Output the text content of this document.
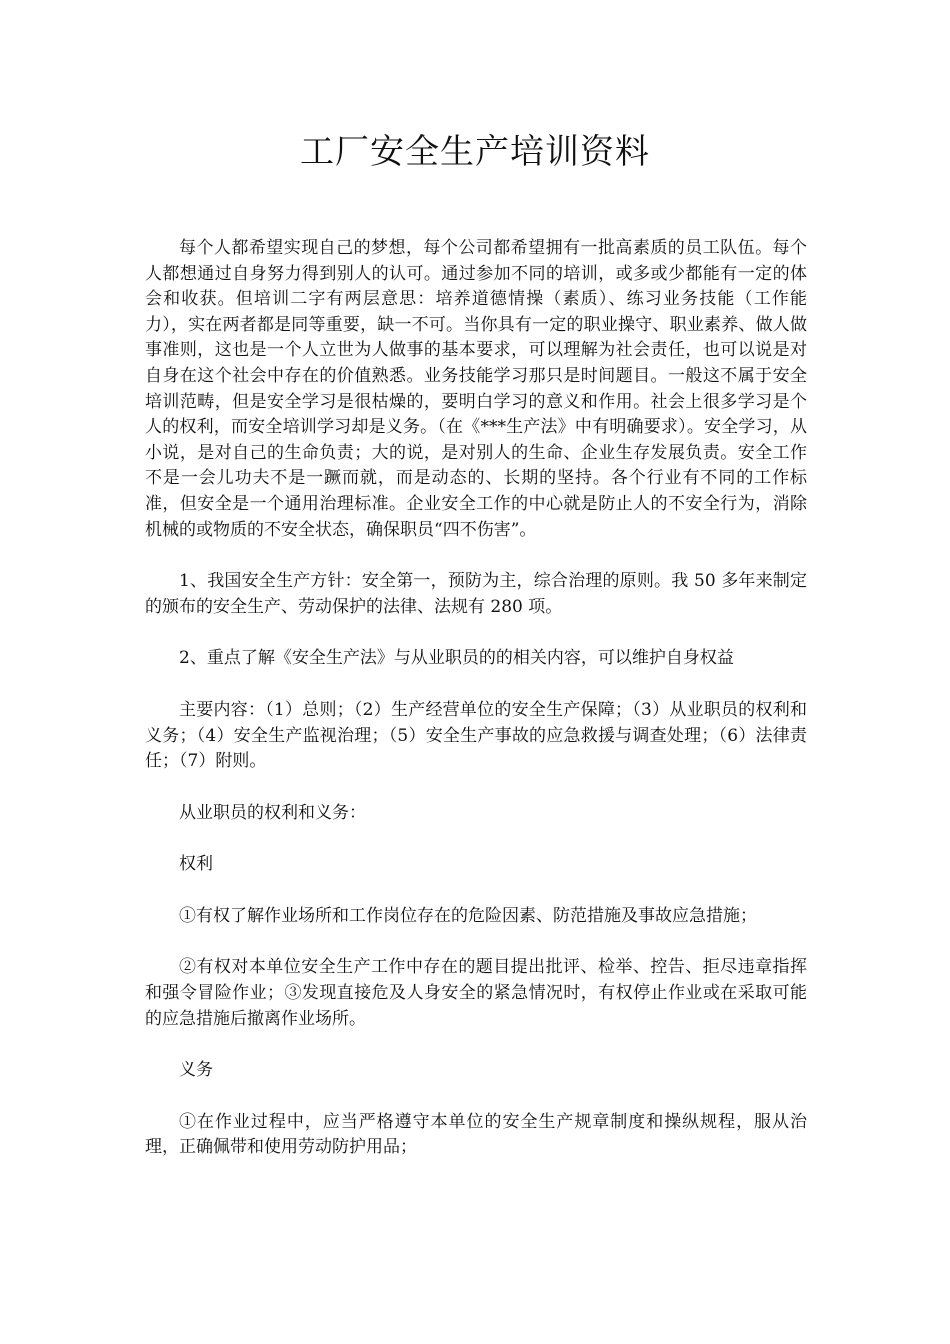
工厂安全生产培训资料

每个人都希望实现自己的梦想，每个公司都希望拥有一批高素质的员工队伍。每个人都想通过自身努力得到别人的认可。通过参加不同的培训，或多或少都能有一定的体会和收获。但培训二字有两层意思：培养道德情操（素质）、练习业务技能（工作能力），实在两者都是同等重要，缺一不可。当你具有一定的职业操守、职业素养、做人做事准则，这也是一个人立世为人做事的基本要求，可以理解为社会责任，也可以说是对自身在这个社会中存在的价值熟悉。业务技能学习那只是时间题目。一般这不属于安全培训范畴，但是安全学习是很枯燥的，要明白学习的意义和作用。社会上很多学习是个人的权利，而安全培训学习却是义务。（在《***生产法》中有明确要求）。安全学习，从小说，是对自己的生命负责；大的说，是对别人的生命、企业生存发展负责。安全工作不是一会儿功夫不是一蹶而就，而是动态的、长期的坚持。各个行业有不同的工作标准，但安全是一个通用治理标准。企业安全工作的中心就是防止人的不安全行为，消除机械的或物质的不安全状态，确保职员“四不伤害”。

1、我国安全生产方针：安全第一，预防为主，综合治理的原则。我 50 多年来制定的颁布的安全生产、劳动保护的法律、法规有 280 项。

2、重点了解《安全生产法》与从业职员的的相关内容，可以维护自身权益

主要内容：（1）总则；（2）生产经营单位的安全生产保障；（3）从业职员的权利和义务；（4）安全生产监视治理；（5）安全生产事故的应急救援与调查处理；（6）法律责任；（7）附则。

从业职员的权利和义务：

权利

①有权了解作业场所和工作岗位存在的危险因素、防范措施及事故应急措施；

②有权对本单位安全生产工作中存在的题目提出批评、检举、控告、拒尽违章指挥和强令冒险作业；③发现直接危及人身安全的紧急情况时，有权停止作业或在采取可能的应急措施后撤离作业场所。

义务

①在作业过程中，应当严格遵守本单位的安全生产规章制度和操纵规程，服从治理，正确佩带和使用劳动防护用品；
